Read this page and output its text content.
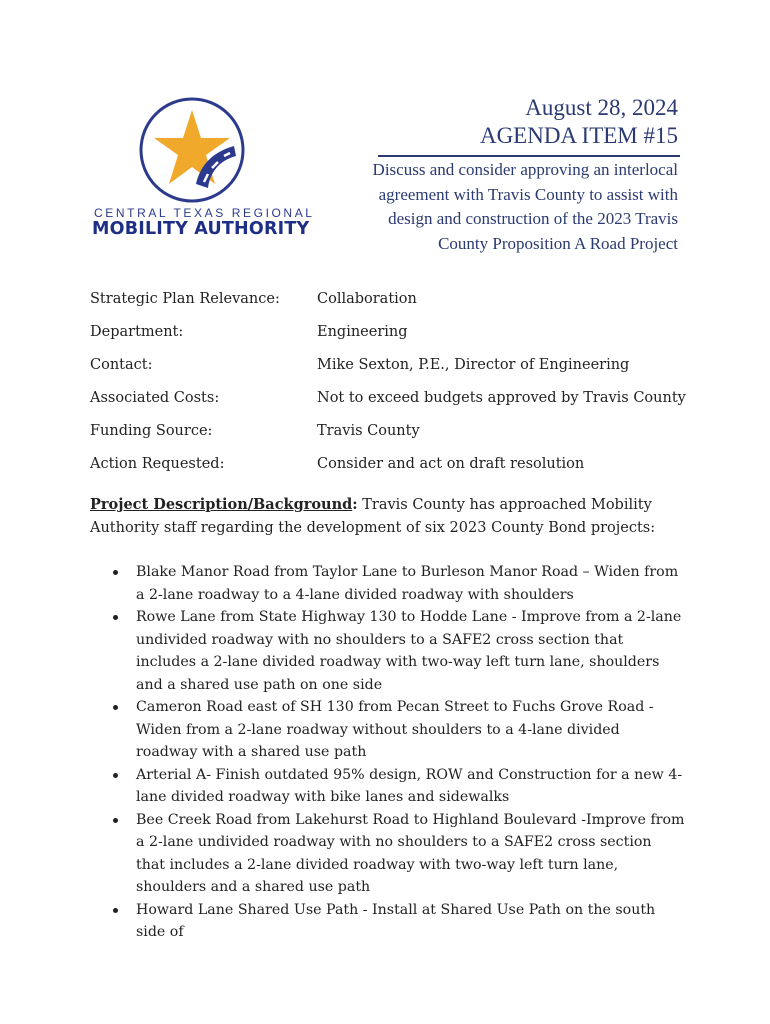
CENTRAL TEXAS REGIONAL
MOBILITY AUTHORITY
August 28, 2024
AGENDA ITEM #15
Discuss and consider approving an interlocal agreement with Travis County to assist with design and construction of the 2023 Travis County Proposition A Road Project
Strategic Plan Relevance:	Collaboration
Department:	Engineering
Contact:	Mike Sexton, P.E., Director of Engineering
Associated Costs:	Not to exceed budgets approved by Travis County
Funding Source:	Travis County
Action Requested:	Consider and act on draft resolution
Project Description/Background: Travis County has approached Mobility Authority staff regarding the development of six 2023 County Bond projects:
Blake Manor Road from Taylor Lane to Burleson Manor Road – Widen from a 2-lane roadway to a 4-lane divided roadway with shoulders
Rowe Lane from State Highway 130 to Hodde Lane - Improve from a 2-lane undivided roadway with no shoulders to a SAFE2 cross section that includes a 2-lane divided roadway with two-way left turn lane, shoulders and a shared use path on one side
Cameron Road east of SH 130 from Pecan Street to Fuchs Grove Road - Widen from a 2-lane roadway without shoulders to a 4-lane divided roadway with a shared use path
Arterial A- Finish outdated 95% design, ROW and Construction for a new 4-lane divided roadway with bike lanes and sidewalks
Bee Creek Road from Lakehurst Road to Highland Boulevard -Improve from a 2-lane undivided roadway with no shoulders to a SAFE2 cross section that includes a 2-lane divided roadway with two-way left turn lane, shoulders and a shared use path
Howard Lane Shared Use Path - Install at Shared Use Path on the south side of
